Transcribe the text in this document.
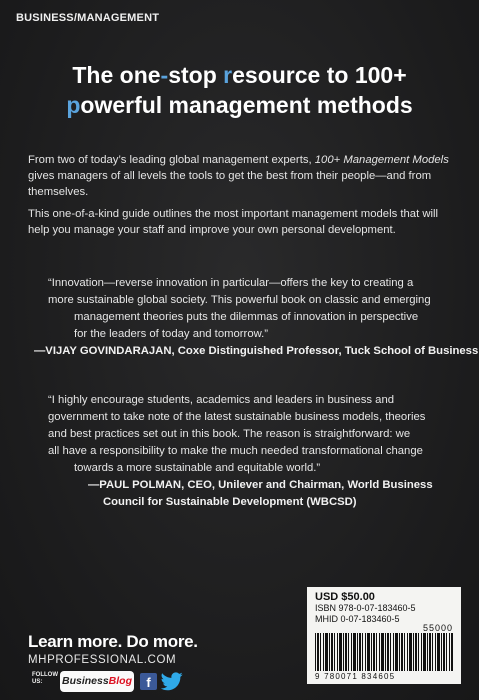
BUSINESS/MANAGEMENT
The one-stop resource to 100+
powerful management methods

From two of today’s leading global management experts, 100+ Management Models gives managers of all levels the tools to get the best from their people—and from themselves.

This one-of-a-kind guide outlines the most important management models that will help you manage your staff and improve your own personal development.

“Innovation—reverse innovation in particular—offers the key to creating a
more sustainable global society. This powerful book on classic and emerging
management theories puts the dilemmas of innovation in perspective
for the leaders of today and tomorrow.”
—VIJAY GOVINDARAJAN, Coxe Distinguished Professor, Tuck School of Business
“I highly encourage students, academics and leaders in business and
government to take note of the latest sustainable business models, theories
and best practices set out in this book. The reason is straightforward: we
all have a responsibility to make the much needed transformational change
towards a more sustainable and equitable world.”
—PAUL POLMAN, CEO, Unilever and Chairman, World Business
Council for Sustainable Development (WBCSD)
USD $50.00
ISBN 978-0-07-183460-5
MHID 0-07-183460-5
55000
9 780071 834605
Learn more. Do more.
MHPROFESSIONAL.COM
FOLLOW US:	BusinessBlog	f
